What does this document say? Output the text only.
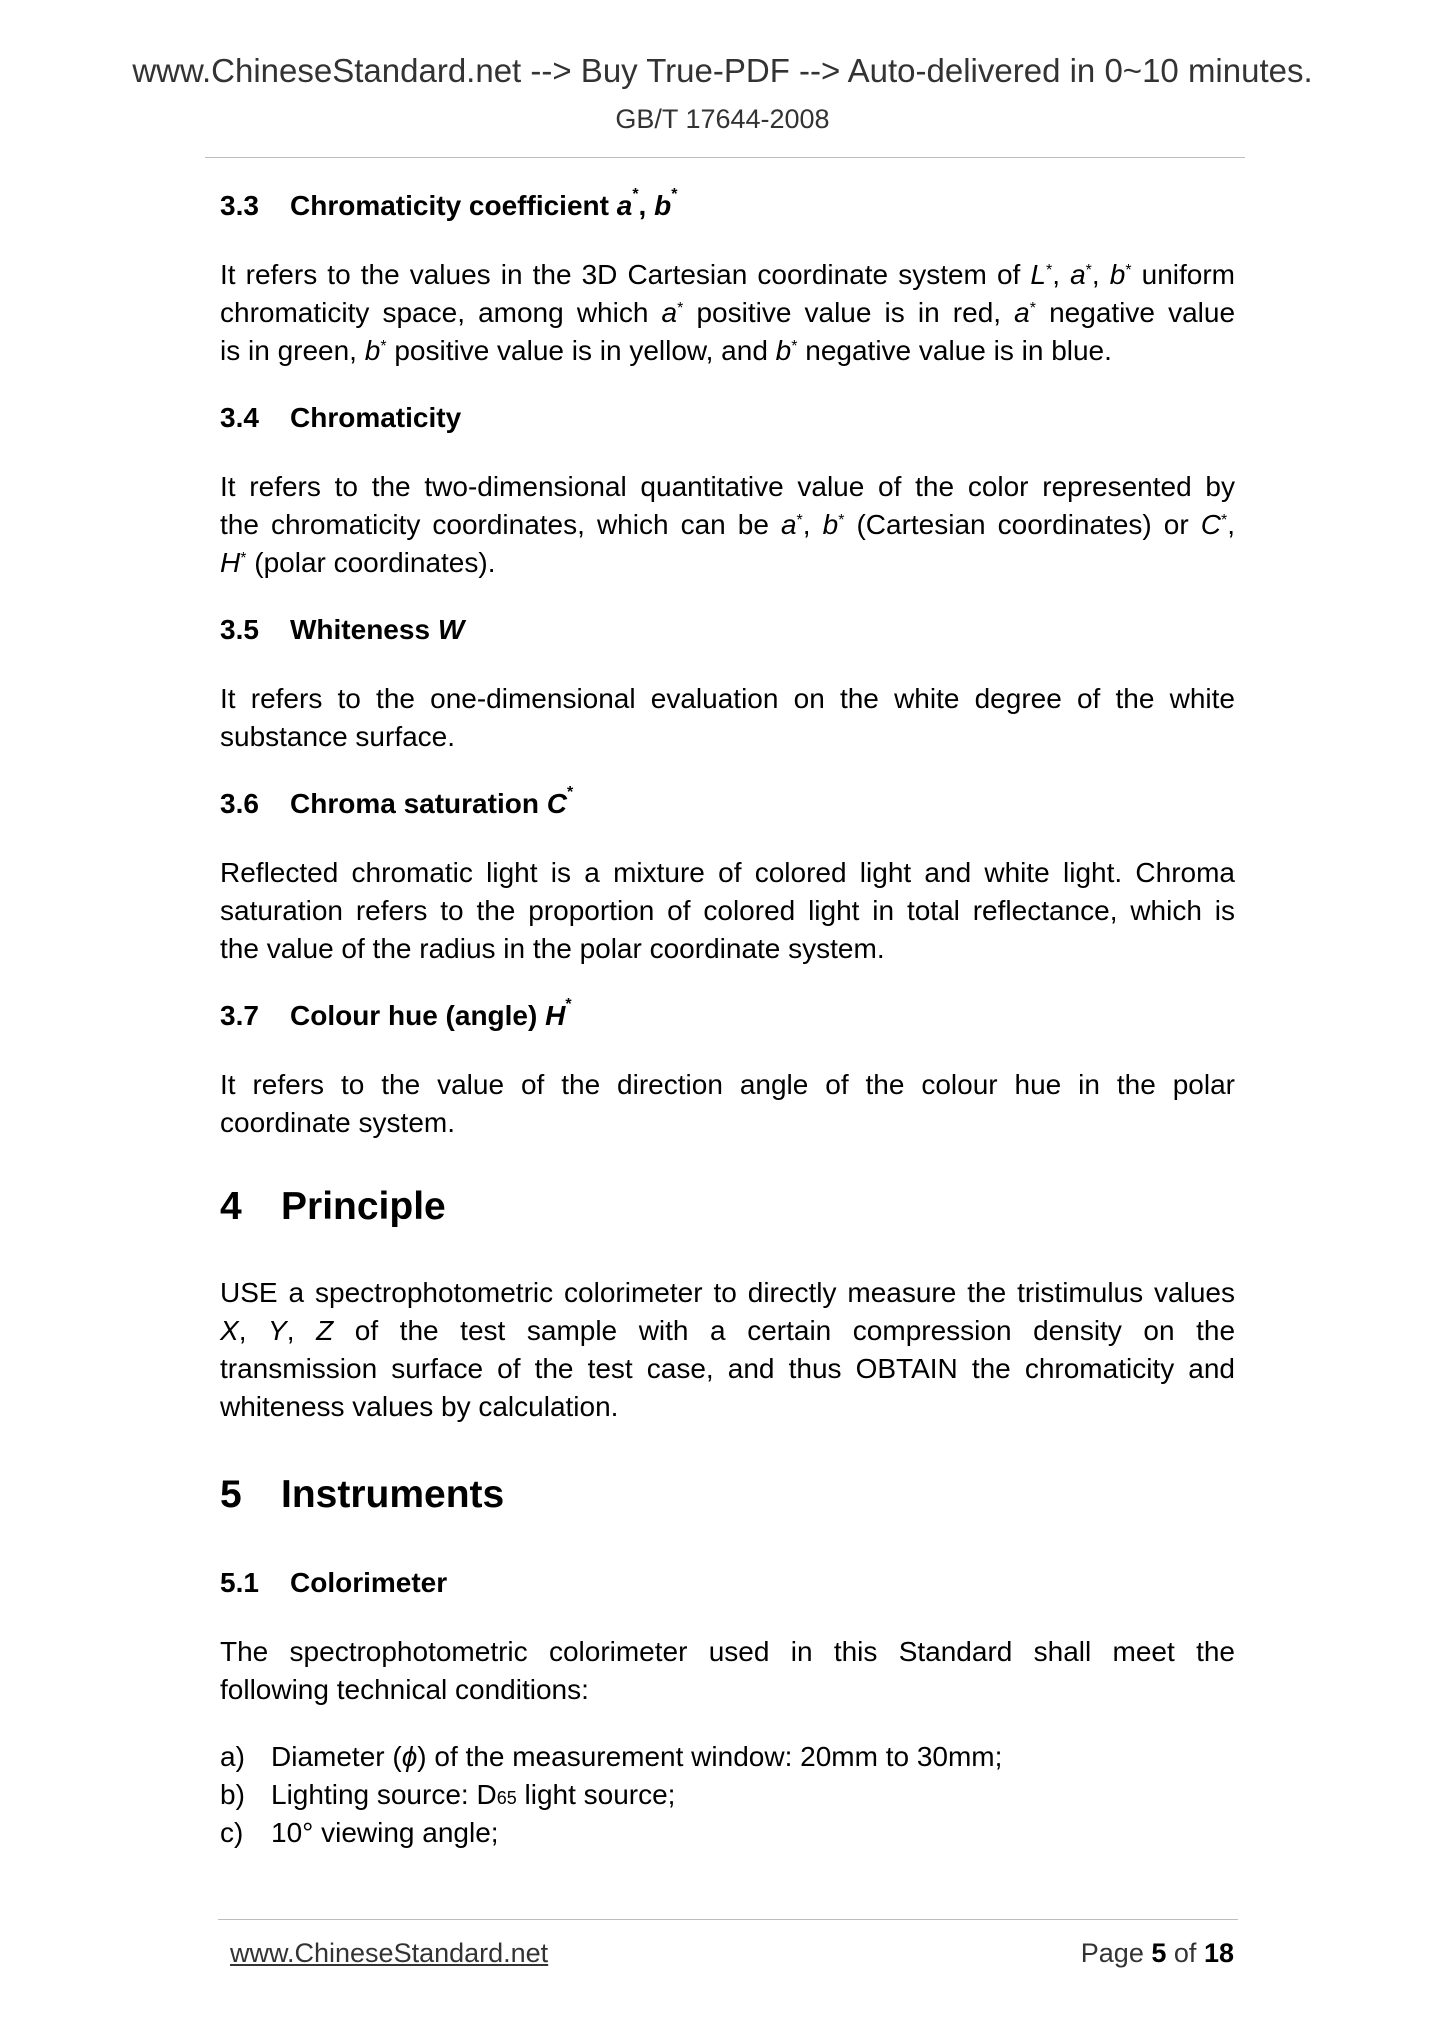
www.ChineseStandard.net --> Buy True-PDF --> Auto-delivered in 0~10 minutes.
GB/T 17644-2008
3.3 Chromaticity coefficient a*, b*
It refers to the values in the 3D Cartesian coordinate system of L*, a*, b* uniform
chromaticity space, among which a* positive value is in red, a* negative value
is in green, b* positive value is in yellow, and b* negative value is in blue.
3.4 Chromaticity
It refers to the two-dimensional quantitative value of the color represented by
the chromaticity coordinates, which can be a*, b* (Cartesian coordinates) or C*,
H* (polar coordinates).
3.5 Whiteness W
It refers to the one-dimensional evaluation on the white degree of the white
substance surface.
3.6 Chroma saturation C*
Reflected chromatic light is a mixture of colored light and white light. Chroma
saturation refers to the proportion of colored light in total reflectance, which is
the value of the radius in the polar coordinate system.
3.7 Colour hue (angle) H*
It refers to the value of the direction angle of the colour hue in the polar
coordinate system.
4 Principle
USE a spectrophotometric colorimeter to directly measure the tristimulus values
X, Y, Z of the test sample with a certain compression density on the
transmission surface of the test case, and thus OBTAIN the chromaticity and
whiteness values by calculation.
5 Instruments
5.1 Colorimeter
The spectrophotometric colorimeter used in this Standard shall meet the
following technical conditions:
a) Diameter (ϕ) of the measurement window: 20mm to 30mm;
b) Lighting source: D65 light source;
c) 10° viewing angle;
www.ChineseStandard.net	Page 5 of 18
